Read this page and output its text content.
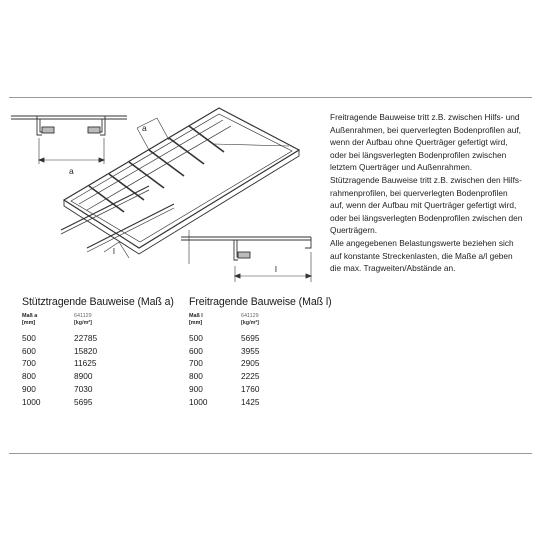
a
a
l
l

Freitragende Bauweise tritt z.B. zwischen Hilfs- und

Außenrahmen, bei querverlegten Bodenprofilen auf,

wenn der Aufbau ohne Querträger gefertigt wird,

oder bei längsverlegten Bodenprofilen zwischen

letztem Querträger und Außenrahmen.

Stützragende Bauweise tritt z.B. zwischen den Hilfs-

rahmenprofilen, bei querverlegten Bodenprofilen

auf, wenn der Aufbau mit Querträger gefertigt wird,

oder bei längsverlegten Bodenprofilen zwischen den

Querträgern.

Alle angegebenen Belastungswerte beziehen sich

auf konstante Streckenlasten, die Maße a/l geben

die max. Tragweiten/Abstände an.

Stütztragende Bauweise (Maß a)
Maß a
[mm]
641129
[kg/m²]
500	22785
600	15820
700	11625
800	8900
900	7030
1000	5695
Freitragende Bauweise (Maß l)
Maß l
[mm]
641129
[kg/m²]
500	5695
600	3955
700	2905
800	2225
900	1760
1000	1425
